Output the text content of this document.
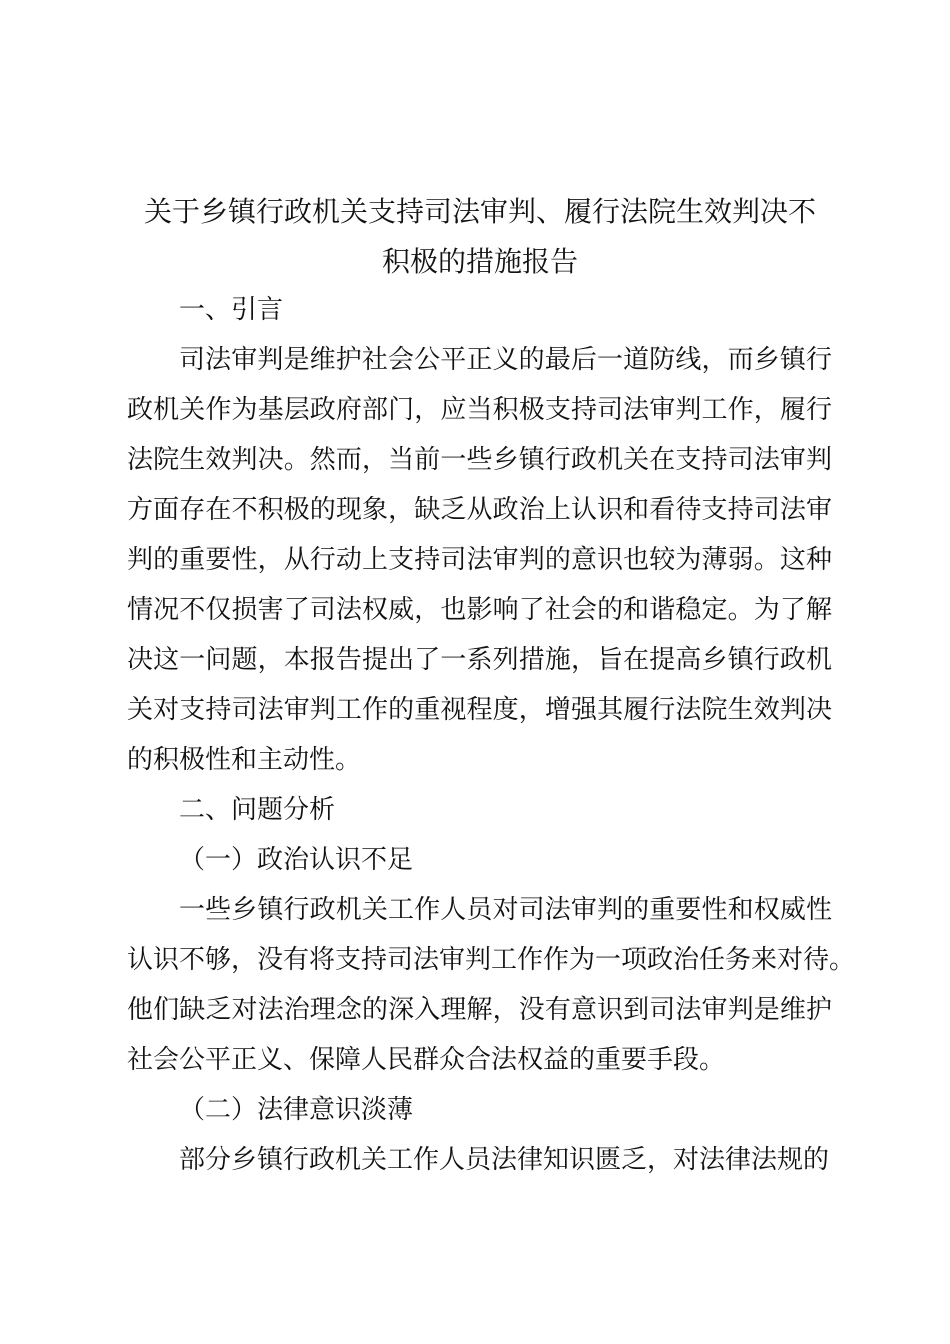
关于乡镇行政机关支持司法审判、履行法院生效判决不
积极的措施报告
一、引言
司法审判是维护社会公平正义的最后一道防线，而乡镇行
政机关作为基层政府部门，应当积极支持司法审判工作，履行
法院生效判决。然而，当前一些乡镇行政机关在支持司法审判
方面存在不积极的现象，缺乏从政治上认识和看待支持司法审
判的重要性，从行动上支持司法审判的意识也较为薄弱。这种
情况不仅损害了司法权威，也影响了社会的和谐稳定。为了解
决这一问题，本报告提出了一系列措施，旨在提高乡镇行政机
关对支持司法审判工作的重视程度，增强其履行法院生效判决
的积极性和主动性。
二、问题分析
（一）政治认识不足
一些乡镇行政机关工作人员对司法审判的重要性和权威性
认识不够，没有将支持司法审判工作作为一项政治任务来对待。
他们缺乏对法治理念的深入理解，没有意识到司法审判是维护
社会公平正义、保障人民群众合法权益的重要手段。
（二）法律意识淡薄
部分乡镇行政机关工作人员法律知识匮乏，对法律法规的
